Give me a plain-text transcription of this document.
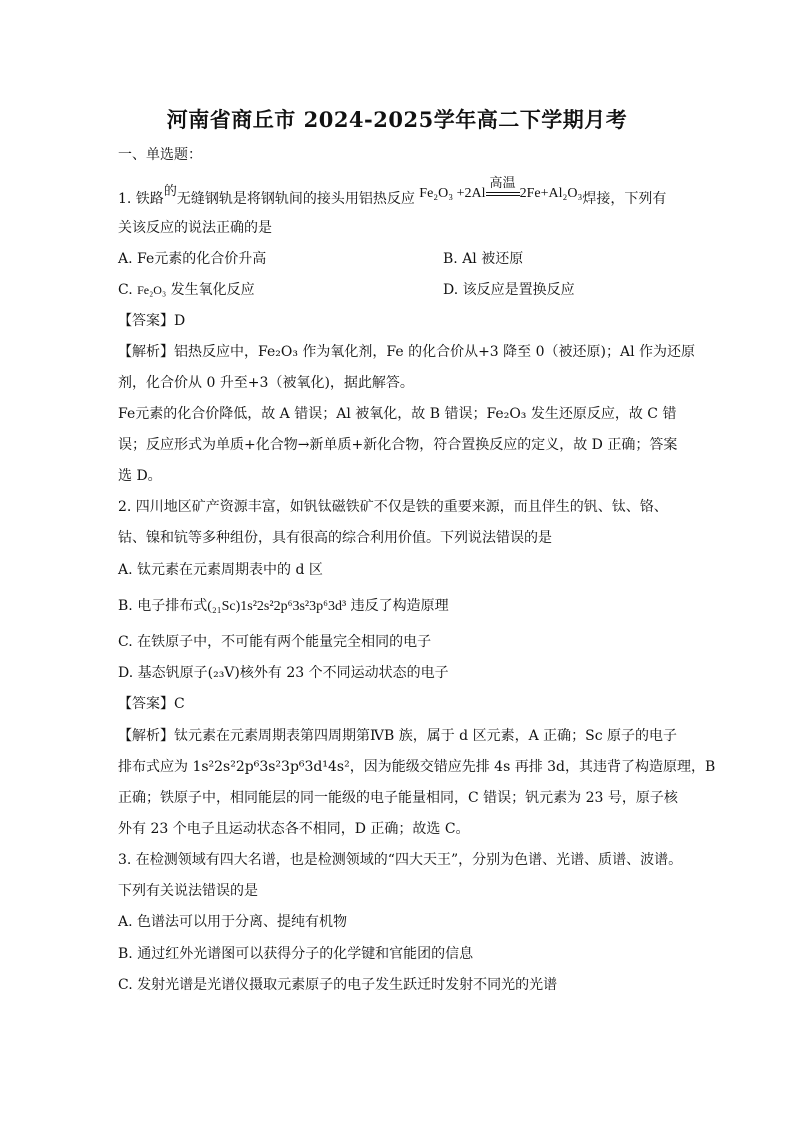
河南省商丘市 2024-2025学年高二下学期月考
一、单选题：
1. 铁路的无缝钢轨是将钢轨间的接头用铝热反应 Fe₂O₃ +2Al
高温
2Fe+Al₂O₃焊接，下列有
关该反应的说法正确的是
A. Fe元素的化合价升高	B. Al 被还原
C. Fe₂O₃ 发生氧化反应	D. 该反应是置换反应
【答案】D
【解析】铝热反应中，Fe₂O₃ 作为氧化剂，Fe 的化合价从+3 降至 0（被还原)；Al 作为还原
剂，化合价从 0 升至+3（被氧化)，据此解答。
Fe元素的化合价降低，故 A 错误；Al 被氧化，故 B 错误；Fe₂O₃ 发生还原反应，故 C 错
误；反应形式为单质+化合物→新单质+新化合物，符合置换反应的定义，故 D 正确；答案
选 D。
2. 四川地区矿产资源丰富，如钒钛磁铁矿不仅是铁的重要来源，而且伴生的钒、钛、铬、
钴、镍和钪等多种组份，具有很高的综合利用价值。下列说法错误的是
A. 钛元素在元素周期表中的 d 区
B. 电子排布式(₂₁Sc)1s²2s²2p⁶3s²3p⁶3d³ 违反了构造原理
C. 在铁原子中，不可能有两个能量完全相同的电子
D. 基态钒原子(₂₃V)核外有 23 个不同运动状态的电子
【答案】C
【解析】钛元素在元素周期表第四周期第ⅣB 族，属于 d 区元素，A 正确；Sc 原子的电子
排布式应为 1s²2s²2p⁶3s²3p⁶3d¹4s²，因为能级交错应先排 4s 再排 3d，其违背了构造原理，B
正确；铁原子中，相同能层的同一能级的电子能量相同，C 错误；钒元素为 23 号，原子核
外有 23 个电子且运动状态各不相同，D 正确；故选 C。
3. 在检测领域有四大名谱，也是检测领域的“四大天王”，分别为色谱、光谱、质谱、波谱。
下列有关说法错误的是
A. 色谱法可以用于分离、提纯有机物
B. 通过红外光谱图可以获得分子的化学键和官能团的信息
C. 发射光谱是光谱仪摄取元素原子的电子发生跃迁时发射不同光的光谱
